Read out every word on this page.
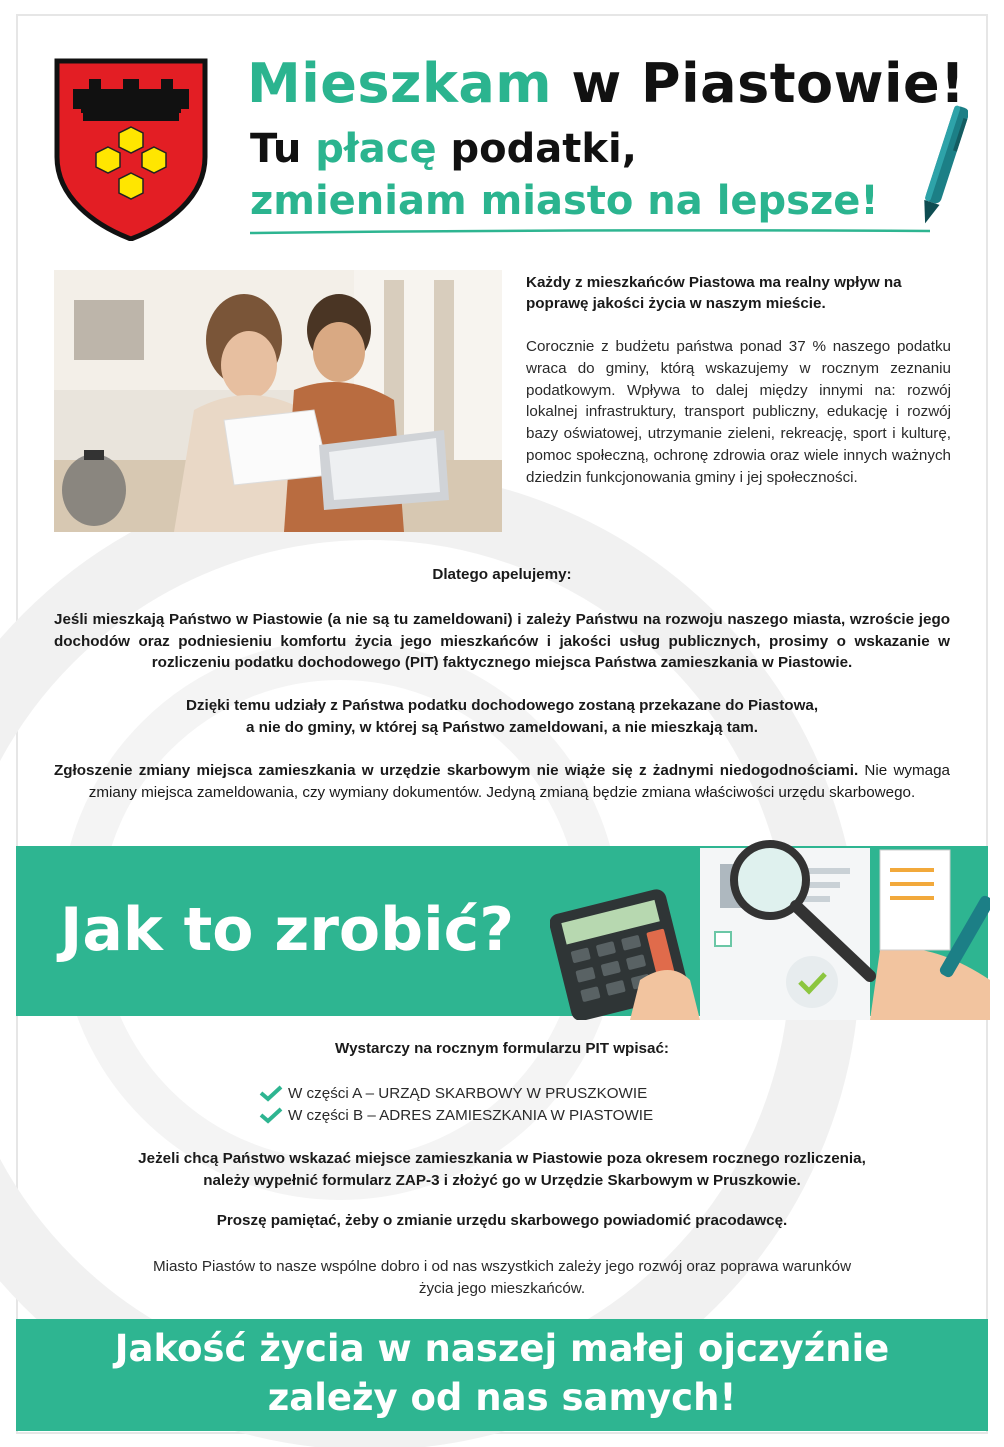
Mieszkam w Piastowie!
Tu płacę podatki,
zmieniam miasto na lepsze!
Każdy z mieszkańców Piastowa ma realny wpływ na poprawę jakości życia w naszym mieście.
Corocznie z budżetu państwa ponad 37 % naszego podatku wraca do gminy, którą wskazujemy w rocznym zeznaniu podatkowym. Wpływa to dalej między innymi na: rozwój lokalnej infrastruktury, transport publiczny, edukację i rozwój bazy oświatowej, utrzymanie zieleni, rekreację, sport i kulturę, pomoc społeczną, ochronę zdrowia oraz wiele innych ważnych dziedzin funkcjonowania gminy i jej społeczności.
Dlatego apelujemy:
Jeśli mieszkają Państwo w Piastowie (a nie są tu zameldowani) i zależy Państwu na rozwoju naszego miasta, wzroście jego dochodów oraz podniesieniu komfortu życia jego mieszkańców i jakości usług publicznych, prosimy o wskazanie w rozliczeniu podatku dochodowego (PIT) faktycznego miejsca Państwa zamieszkania w Piastowie.
Dzięki temu udziały z Państwa podatku dochodowego zostaną przekazane do Piastowa,
a nie do gminy, w której są Państwo zameldowani, a nie mieszkają tam.
Zgłoszenie zmiany miejsca zamieszkania w urzędzie skarbowym nie wiąże się z żadnymi niedogodnościami. Nie wymaga zmiany miejsca zameldowania, czy wymiany dokumentów. Jedyną zmianą będzie zmiana właściwości urzędu skarbowego.
Jak to zrobić?
Wystarczy na rocznym formularzu PIT wpisać:
W części A – URZĄD SKARBOWY W PRUSZKOWIE
W części B – ADRES ZAMIESZKANIA W PIASTOWIE
Jeżeli chcą Państwo wskazać miejsce zamieszkania w Piastowie poza okresem rocznego rozliczenia,
należy wypełnić formularz ZAP-3 i złożyć go w Urzędzie Skarbowym w Pruszkowie.
Proszę pamiętać, żeby o zmianie urzędu skarbowego powiadomić pracodawcę.
Miasto Piastów to nasze wspólne dobro i od nas wszystkich zależy jego rozwój oraz poprawa warunków
życia jego mieszkańców.
Jakość życia w naszej małej ojczyźnie
zależy od nas samych!
